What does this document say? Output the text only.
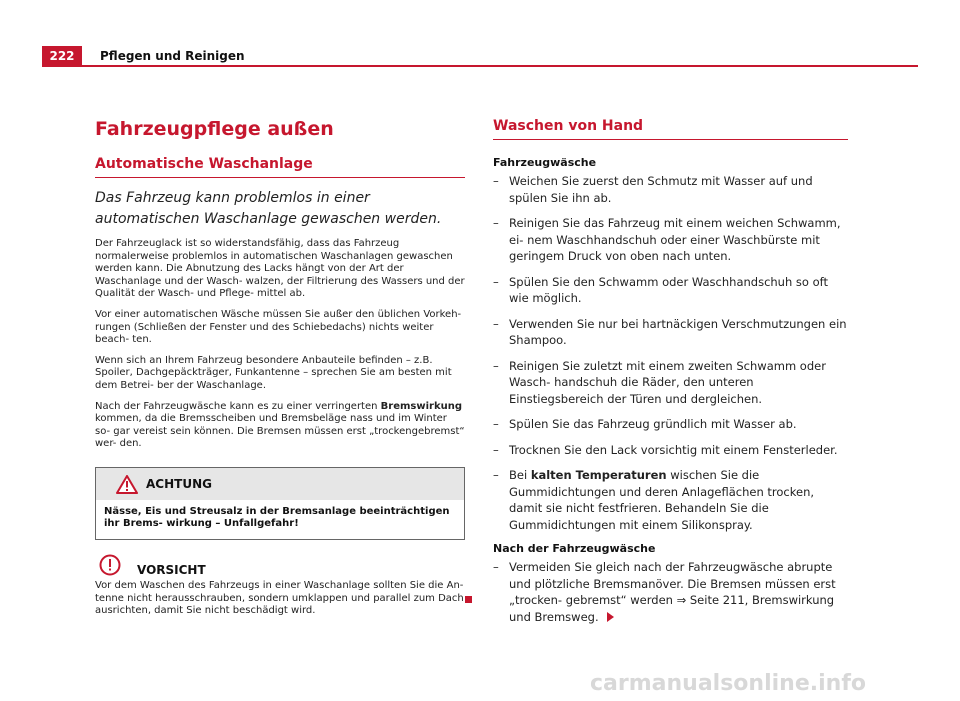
222	Pflegen und Reinigen
Fahrzeugpflege außen
Automatische Waschanlage
Das Fahrzeug kann problemlos in einer automatischen Waschanlage gewaschen werden.

Der Fahrzeuglack ist so widerstandsfähig, dass das Fahrzeug normalerweise problemlos in automatischen Waschanlagen gewaschen werden kann. Die Abnutzung des Lacks hängt von der Art der Waschanlage und der Wasch- walzen, der Filtrierung des Wassers und der Qualität der Wasch- und Pflege- mittel ab.

Vor einer automatischen Wäsche müssen Sie außer den üblichen Vorkeh- rungen (Schließen der Fenster und des Schiebedachs) nichts weiter beach- ten.

Wenn sich an Ihrem Fahrzeug besondere Anbauteile befinden – z.B. Spoiler, Dachgepäckträger, Funkantenne – sprechen Sie am besten mit dem Betrei- ber der Waschanlage.

Nach der Fahrzeugwäsche kann es zu einer verringerten Bremswirkung kommen, da die Bremsscheiben und Bremsbeläge nass und im Winter so- gar vereist sein können. Die Bremsen müssen erst „trockengebremst“ wer- den.

ACHTUNG
Nässe, Eis und Streusalz in der Bremsanlage beeinträchtigen ihr Brems- wirkung – Unfallgefahr!
VORSICHT
Vor dem Waschen des Fahrzeugs in einer Waschanlage sollten Sie die An- tenne nicht herausschrauben, sondern umklappen und parallel zum Dach ausrichten, damit Sie nicht beschädigt wird.
Waschen von Hand
Fahrzeugwäsche
– Weichen Sie zuerst den Schmutz mit Wasser auf und spülen Sie ihn ab.
– Reinigen Sie das Fahrzeug mit einem weichen Schwamm, ei- nem Waschhandschuh oder einer Waschbürste mit geringem Druck von oben nach unten.
– Spülen Sie den Schwamm oder Waschhandschuh so oft wie möglich.
– Verwenden Sie nur bei hartnäckigen Verschmutzungen ein Shampoo.
– Reinigen Sie zuletzt mit einem zweiten Schwamm oder Wasch- handschuh die Räder, den unteren Einstiegsbereich der Türen und dergleichen.
– Spülen Sie das Fahrzeug gründlich mit Wasser ab.
– Trocknen Sie den Lack vorsichtig mit einem Fensterleder.
– Bei kalten Temperaturen wischen Sie die Gummidichtungen und deren Anlageflächen trocken, damit sie nicht festfrieren. Behandeln Sie die Gummidichtungen mit einem Silikonspray.
Nach der Fahrzeugwäsche
– Vermeiden Sie gleich nach der Fahrzeugwäsche abrupte und plötzliche Bremsmanöver. Die Bremsen müssen erst „trocken- gebremst“ werden ⇒ Seite 211, Bremswirkung und Bremsweg.
carmanualsonline.info
